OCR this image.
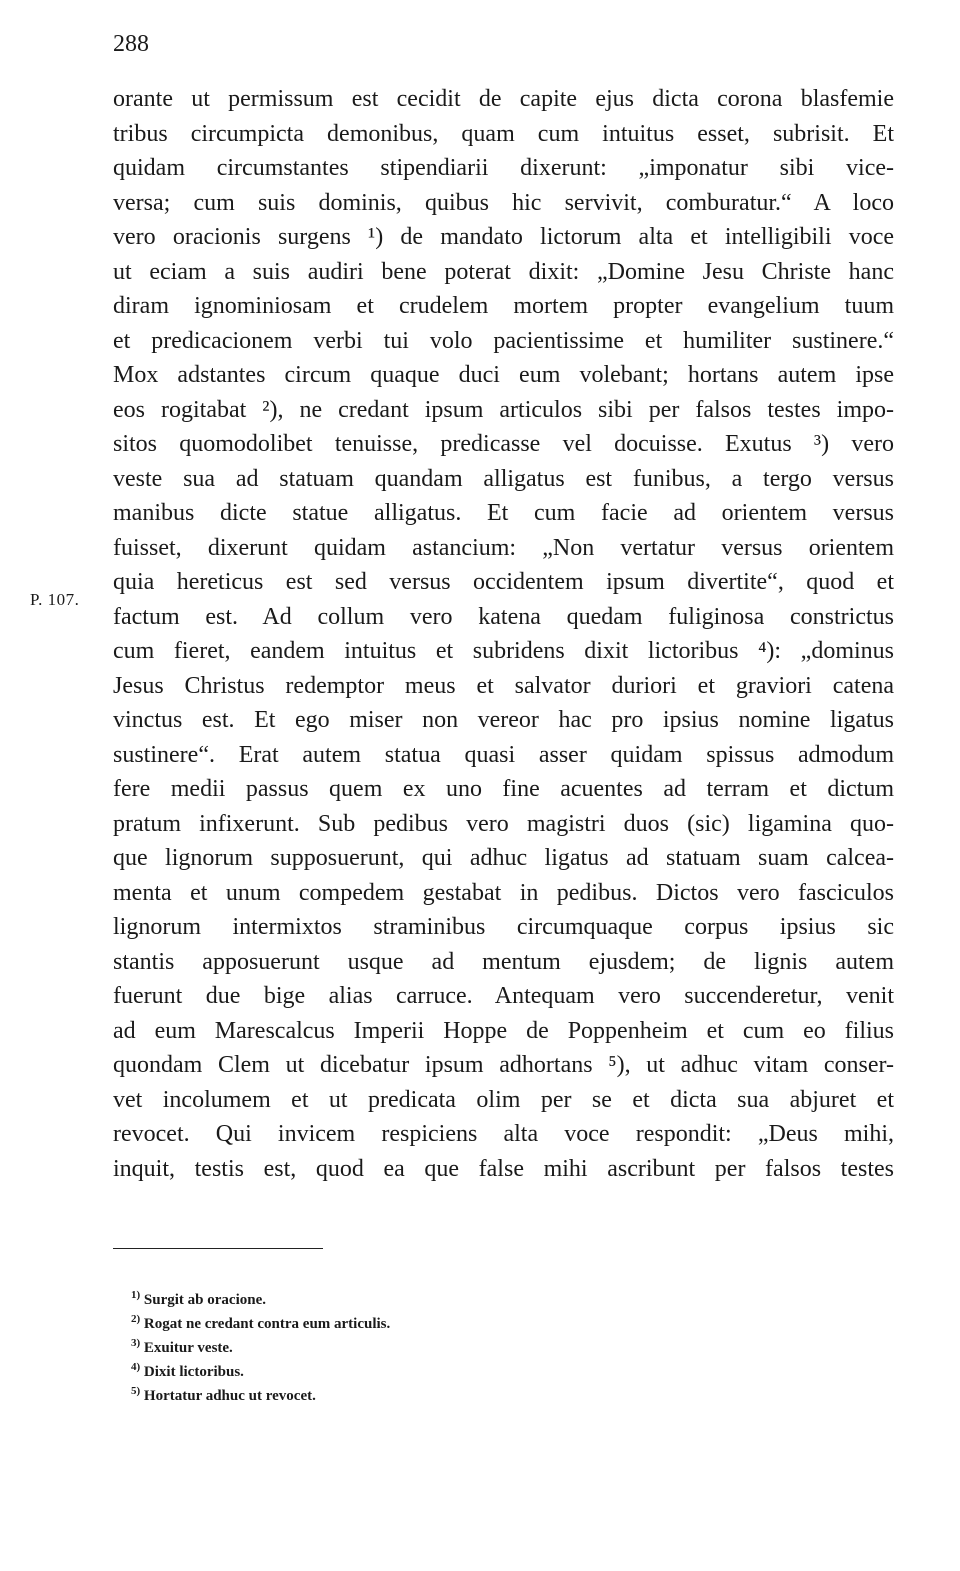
288
P. 107.
orante ut permissum est cecidit de capite ejus dicta corona blasfemie
tribus circumpicta demonibus, quam cum intuitus esset, subrisit. Et
quidam circumstantes stipendiarii dixerunt: „imponatur sibi vice-
versa; cum suis dominis, quibus hic servivit, comburatur.“ A loco
vero oracionis surgens ¹) de mandato lictorum alta et intelligibili voce
ut eciam a suis audiri bene poterat dixit: „Domine Jesu Christe hanc
diram ignominiosam et crudelem mortem propter evangelium tuum
et predicacionem verbi tui volo pacientissime et humiliter sustinere.“
Mox adstantes circum quaque duci eum volebant; hortans autem ipse
eos rogitabat ²), ne credant ipsum articulos sibi per falsos testes impo-
sitos quomodolibet tenuisse, predicasse vel docuisse. Exutus ³) vero
veste sua ad statuam quandam alligatus est funibus, a tergo versus
manibus dicte statue alligatus. Et cum facie ad orientem versus
fuisset, dixerunt quidam astancium: „Non vertatur versus orientem
quia hereticus est sed versus occidentem ipsum divertite“, quod et
factum est. Ad collum vero katena quedam fuliginosa constrictus
cum fieret, eandem intuitus et subridens dixit lictoribus ⁴): „dominus
Jesus Christus redemptor meus et salvator duriori et graviori catena
vinctus est. Et ego miser non vereor hac pro ipsius nomine ligatus
sustinere“. Erat autem statua quasi asser quidam spissus admodum
fere medii passus quem ex uno fine acuentes ad terram et dictum
pratum infixerunt. Sub pedibus vero magistri duos (sic) ligamina quo-
que lignorum supposuerunt, qui adhuc ligatus ad statuam suam calcea-
menta et unum compedem gestabat in pedibus. Dictos vero fasciculos
lignorum intermixtos straminibus circumquaque corpus ipsius sic
stantis apposuerunt usque ad mentum ejusdem; de lignis autem
fuerunt due bige alias carruce. Antequam vero succenderetur, venit
ad eum Marescalcus Imperii Hoppe de Poppenheim et cum eo filius
quondam Clem ut dicebatur ipsum adhortans ⁵), ut adhuc vitam conser-
vet incolumem et ut predicata olim per se et dicta sua abjuret et
revocet. Qui invicem respiciens alta voce respondit: „Deus mihi,
inquit, testis est, quod ea que false mihi ascribunt per falsos testes
$^{1)}$ Surgit ab oracione.
$^{2)}$ Rogat ne credant contra eum articulis.
$^{3)}$ Exuitur veste.
$^{4)}$ Dixit lictoribus.
$^{5)}$ Hortatur adhuc ut revocet.
